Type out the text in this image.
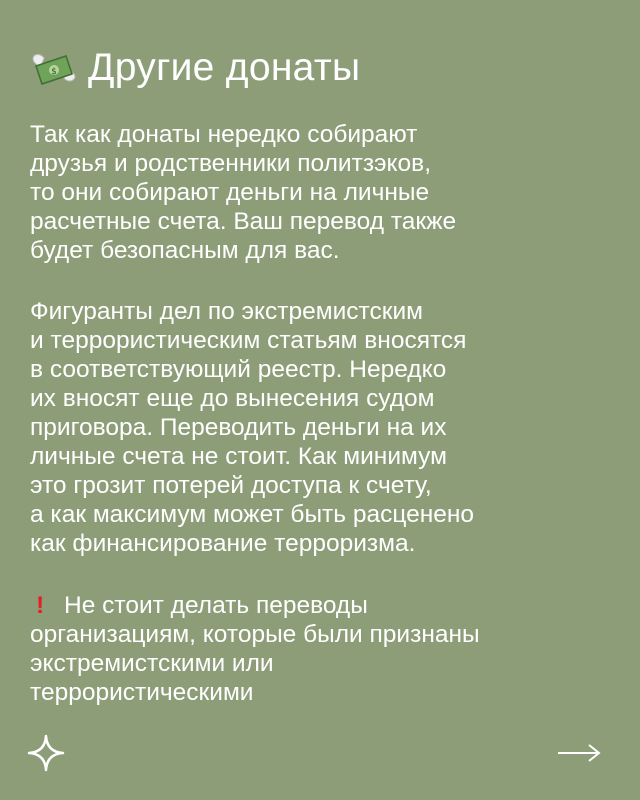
$ Другие донаты
Так как донаты нередко собирают
друзья и родственники политзэков,
то они собирают деньги на личные
расчетные счета. Ваш перевод также
будет безопасным для вас.
Фигуранты дел по экстремистским
и террористическим статьям вносятся
в соответствующий реестр. Нередко
их вносят еще до вынесения судом
приговора. Переводить деньги на их
личные счета не стоит. Как минимум
это грозит потерей доступа к счету,
а как максимум может быть расценено
как финансирование терроризма.
! Не стоит делать переводы
организациям, которые были признаны
экстремистскими или
террористическими
